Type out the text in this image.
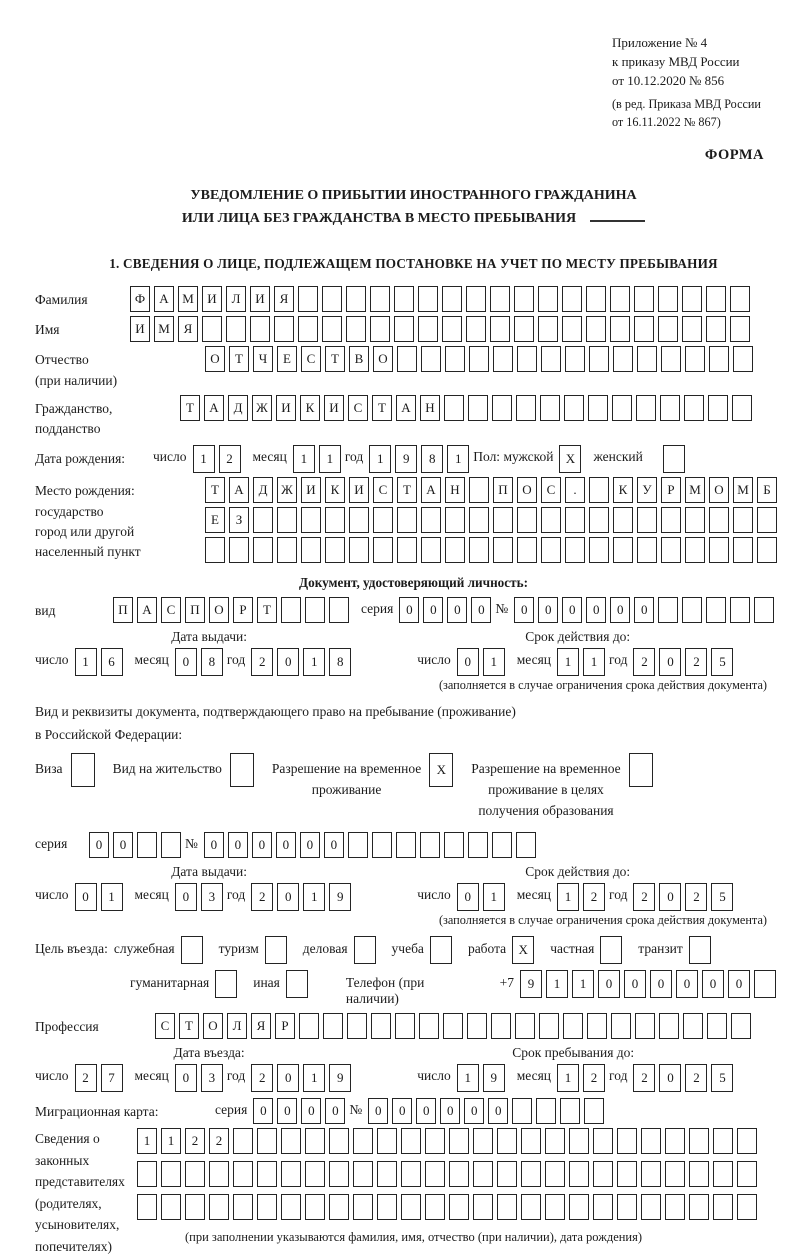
Приложение № 4
к приказу МВД России
от 10.12.2020 № 856
(в ред. Приказа МВД России
от 16.11.2022 № 867)
ФОРМА
УВЕДОМЛЕНИЕ О ПРИБЫТИИ ИНОСТРАННОГО ГРАЖДАНИНА
ИЛИ ЛИЦА БЕЗ ГРАЖДАНСТВА В МЕСТО ПРЕБЫВАНИЯ
1. СВЕДЕНИЯ О ЛИЦЕ, ПОДЛЕЖАЩЕМ ПОСТАНОВКЕ НА УЧЕТ ПО МЕСТУ ПРЕБЫВАНИЯ
Фамилия	Ф	А	М	И	Л	И	Я
Имя	И	М	Я
Отчество
(при наличии)
О	Т	Ч	Е	С	Т	В	О
Гражданство,
подданство
Т	А	Д	Ж	И	К	И	С	Т	А	Н
Дата рождения:	число	1	2	месяц	1	1 год	1	9	8	1 Пол: мужской X	женский
Место рождения:
государство
город или другой
населенный пункт
Т	А	Д	Ж	И	К	И	С	Т	А	Н	П	О	С	.	К	У	Р	М	О	М	Б
Е	З
Документ, удостоверяющий личность:
вид	П	А	С	П	О	Р	Т	серия 0	0	0	0 № 0	0	0	0	0	0
Дата выдачи:
число	1	6	месяц	0	8 год	2	0	1	8
Срок действия до:
число	0	1	месяц	1	1 год	2	0	2	5
(заполняется в случае ограничения срока действия документа)
Вид и реквизиты документа, подтверждающего право на пребывание (проживание)
в Российской Федерации:
Виза	Вид на жительство	Разрешение на временное
проживание
X	Разрешение на временное
проживание в целях
получения образования
серия	0	0	№ 0	0	0	0	0	0
Дата выдачи:
число	0	1	месяц	0	3 год	2	0	1	9
Срок действия до:
число	0	1	месяц	1	2 год	2	0	2	5
(заполняется в случае ограничения срока действия документа)
Цель въезда: служебная	туризм	деловая	учеба	работа X	частная	транзит
гуманитарная	иная	Телефон (при наличии)
+7	9	1	1	0	0	0	0	0	0
Профессия	С	Т	О	Л	Я	Р
Дата въезда:
число	2	7	месяц	0	3 год	2	0	1	9
Срок пребывания до:
число	1	9	месяц	1	2 год	2	0	2	5
Миграционная карта:	серия 0	0	0	0 № 0	0	0	0	0	0
Сведения о
законных
представителях
(родителях,
усыновителях,
попечителях)
1	1	2	2
(при заполнении указываются фамилия, имя, отчество (при наличии), дата рождения)
